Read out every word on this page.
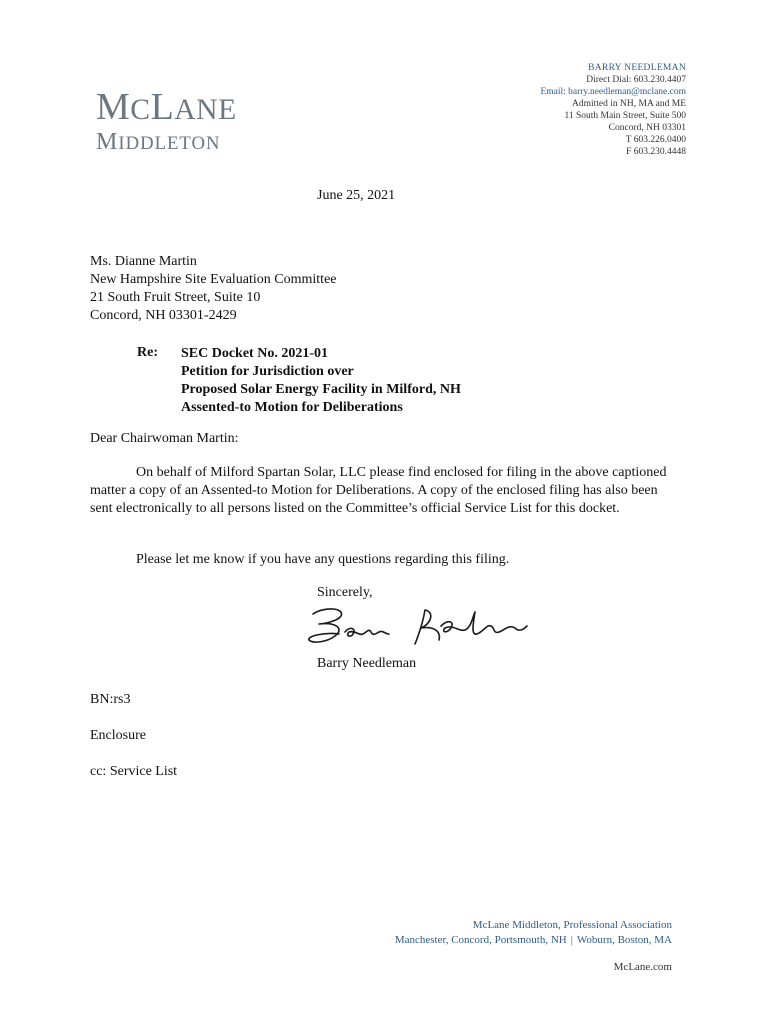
MCLANE
MIDDLETON
BARRY NEEDLEMAN
Direct Dial: 603.230.4407
Email: barry.needleman@mclane.com
Admitted in NH, MA and ME
11 South Main Street, Suite 500
Concord, NH 03301
T 603.226.0400
F 603.230.4448
June 25, 2021
Ms. Dianne Martin
New Hampshire Site Evaluation Committee
21 South Fruit Street, Suite 10
Concord, NH 03301-2429
Re: SEC Docket No. 2021-01
Petition for Jurisdiction over
Proposed Solar Energy Facility in Milford, NH
Assented-to Motion for Deliberations
Dear Chairwoman Martin:
On behalf of Milford Spartan Solar, LLC please find enclosed for filing in the above captioned matter a copy of an Assented-to Motion for Deliberations. A copy of the enclosed filing has also been sent electronically to all persons listed on the Committee’s official Service List for this docket.
Please let me know if you have any questions regarding this filing.
Sincerely,
Barry Needleman
BN:rs3
Enclosure
cc: Service List
McLane Middleton, Professional Association
Manchester, Concord, Portsmouth, NH | Woburn, Boston, MA
McLane.com
